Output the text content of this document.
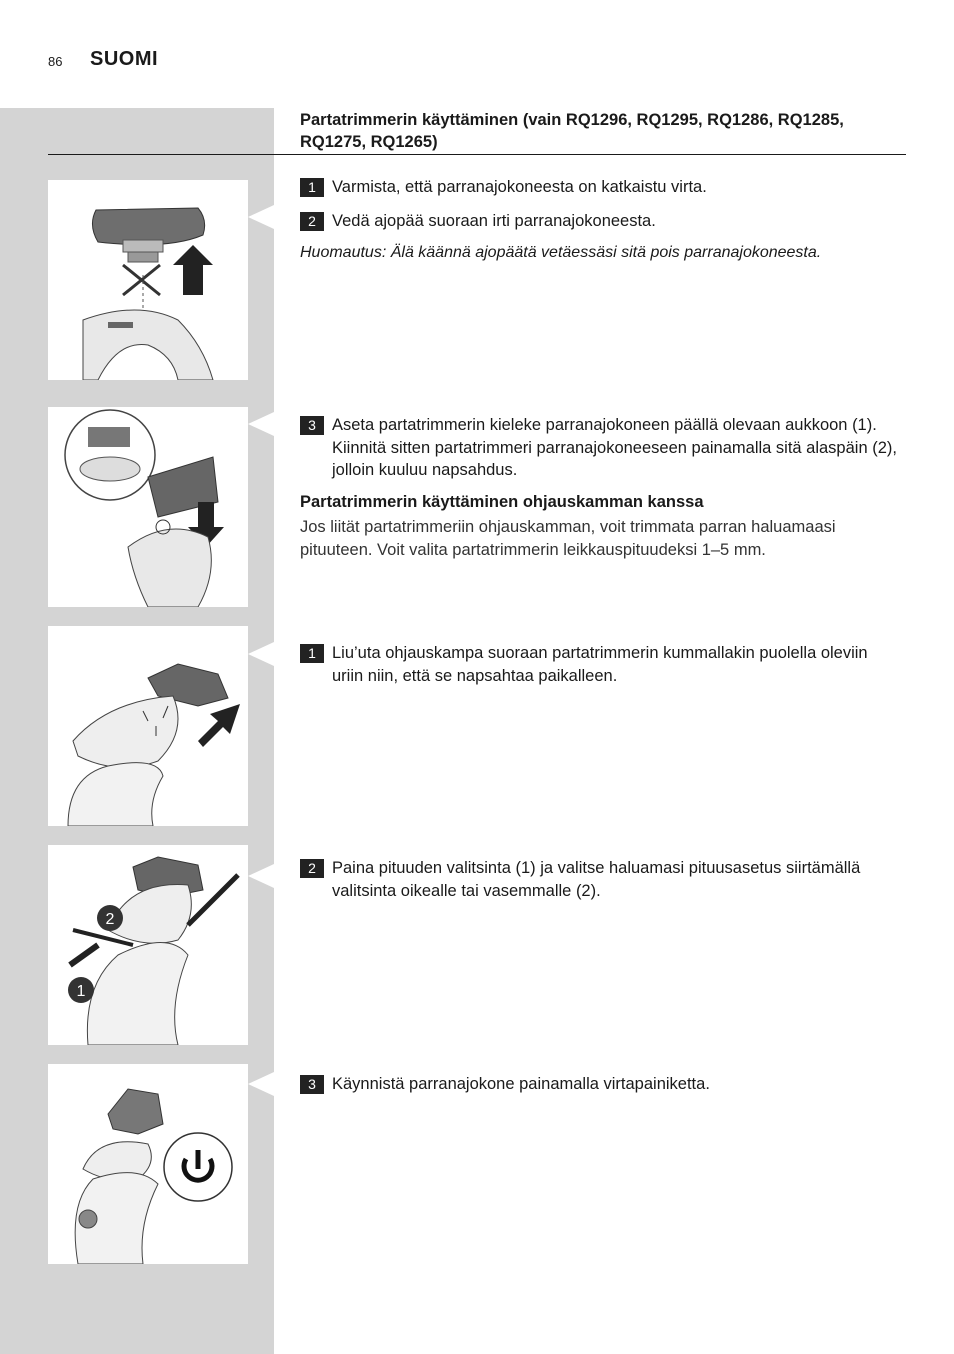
86 SUOMI
Partatrimmerin käyttäminen (vain RQ1296, RQ1295, RQ1286, RQ1285, RQ1275, RQ1265)
2
1
1 Varmista, että parranajokoneesta on katkaistu virta.
2 Vedä ajopää suoraan irti parranajokoneesta.
Huomautus: Älä käännä ajopäätä vetäessäsi sitä pois parranajokoneesta.
3 Aseta partatrimmerin kieleke parranajokoneen päällä olevaan aukkoon (1). Kiinnitä sitten partatrimmeri parranajokoneeseen painamalla sitä alaspäin (2), jolloin kuuluu napsahdus.
Partatrimmerin käyttäminen ohjauskamman kanssa
Jos liität partatrimmeriin ohjauskamman, voit trimmata parran haluamaasi pituuteen. Voit valita partatrimmerin leikkauspituudeksi 1–5 mm.
1 Liu’uta ohjauskampa suoraan partatrimmerin kummallakin puolella oleviin uriin niin, että se napsahtaa paikalleen.
2 Paina pituuden valitsinta (1) ja valitse haluamasi pituusasetus siirtämällä valitsinta oikealle tai vasemmalle (2).
3 Käynnistä parranajokone painamalla virtapainiketta.
